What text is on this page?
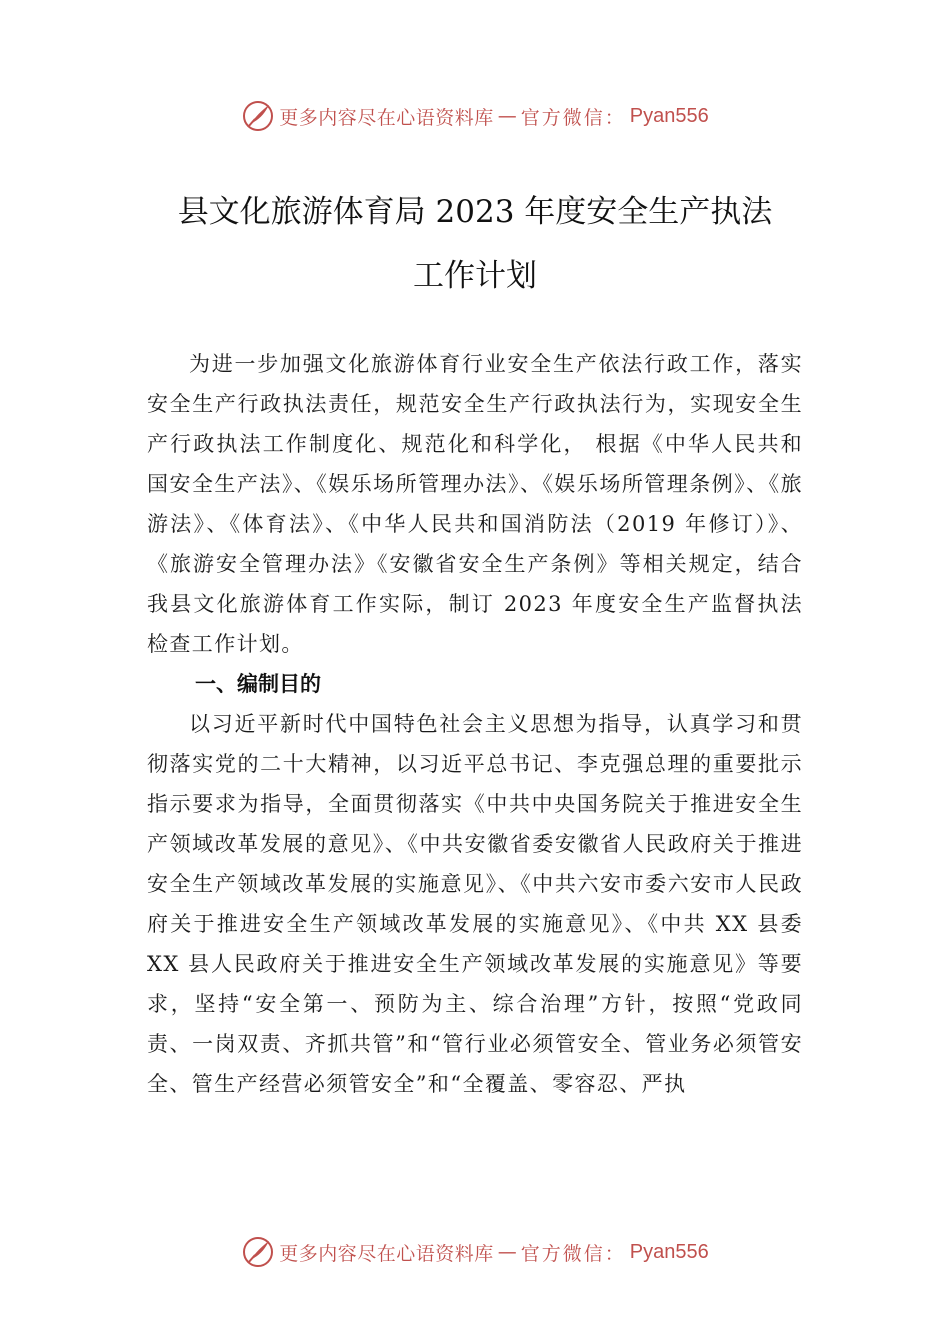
更多内容尽在心语资料库 — 官方微信： Pyan556
县文化旅游体育局 2023 年度安全生产执法
工作计划

为进一步加强文化旅游体育行业安全生产依法行政工作，落实安全生产行政执法责任，规范安全生产行政执法行为，实现安全生产行政执法工作制度化、规范化和科学化， 根据《中华人民共和国安全生产法》、《娱乐场所管理办法》、《娱乐场所管理条例》、《旅游法》、《体育法》、《中华人民共和国消防法（2019 年修订）》、《旅游安全管理办法》《安徽省安全生产条例》等相关规定，结合我县文化旅游体育工作实际，制订 2023 年度安全生产监督执法检查工作计划。

一、编制目的

以习近平新时代中国特色社会主义思想为指导，认真学习和贯彻落实党的二十大精神，以习近平总书记、李克强总理的重要批示指示要求为指导，全面贯彻落实《中共中央国务院关于推进安全生产领域改革发展的意见》、《中共安徽省委安徽省人民政府关于推进安全生产领域改革发展的实施意见》、《中共六安市委六安市人民政府关于推进安全生产领域改革发展的实施意见》、《中共 XX 县委 XX 县人民政府关于推进安全生产领域改革发展的实施意见》等要求，坚持“安全第一、预防为主、综合治理”方针，按照“党政同责、一岗双责、齐抓共管”和“管行业必须管安全、管业务必须管安全、管生产经营必须管安全”和“全覆盖、零容忍、严执

更多内容尽在心语资料库 — 官方微信： Pyan556
